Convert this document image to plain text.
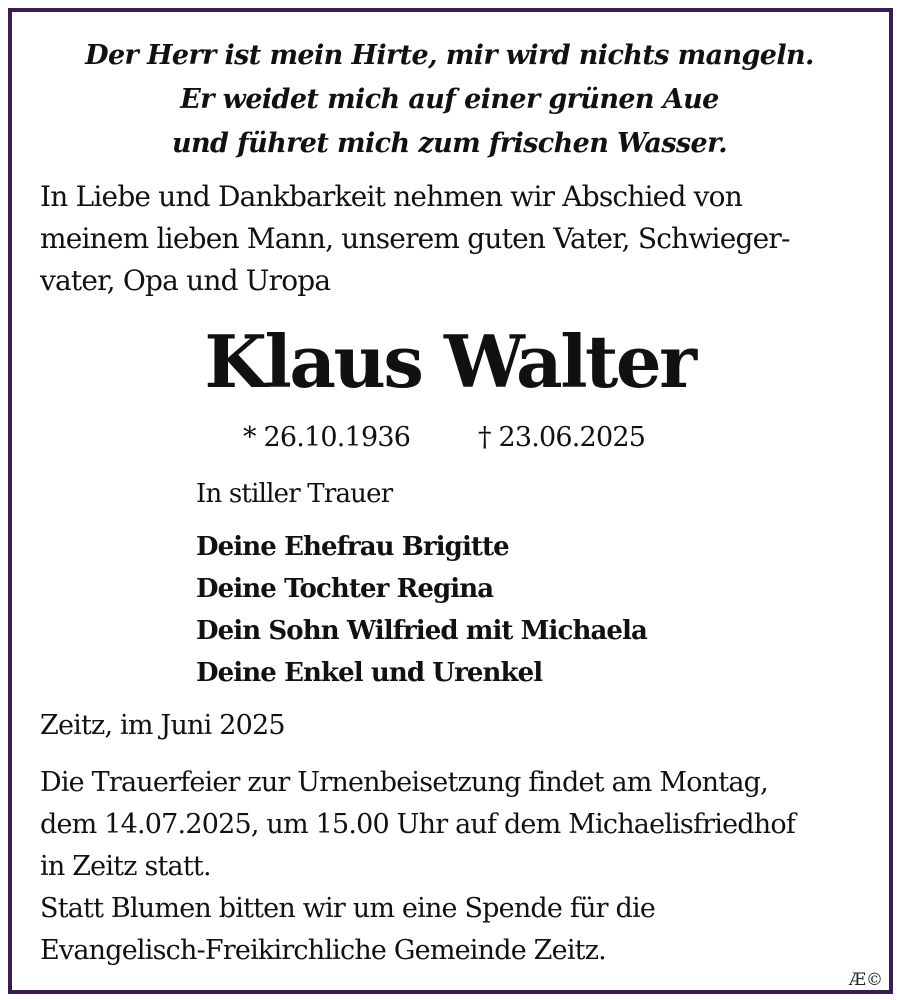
Der Herr ist mein Hirte, mir wird nichts mangeln.
Er weidet mich auf einer grünen Aue
und führet mich zum frischen Wasser.
In Liebe und Dankbarkeit nehmen wir Abschied von
meinem lieben Mann, unserem guten Vater, Schwieger-
vater, Opa und Uropa
Klaus Walter
* 26.10.1936	† 23.06.2025
In stiller Trauer
Deine Ehefrau Brigitte
Deine Tochter Regina
Dein Sohn Wilfried mit Michaela
Deine Enkel und Urenkel
Zeitz, im Juni 2025
Die Trauerfeier zur Urnenbeisetzung findet am Montag,
dem 14.07.2025, um 15.00 Uhr auf dem Michaelisfriedhof
in Zeitz statt.
Statt Blumen bitten wir um eine Spende für die
Evangelisch-Freikirchliche Gemeinde Zeitz.
Æ©
